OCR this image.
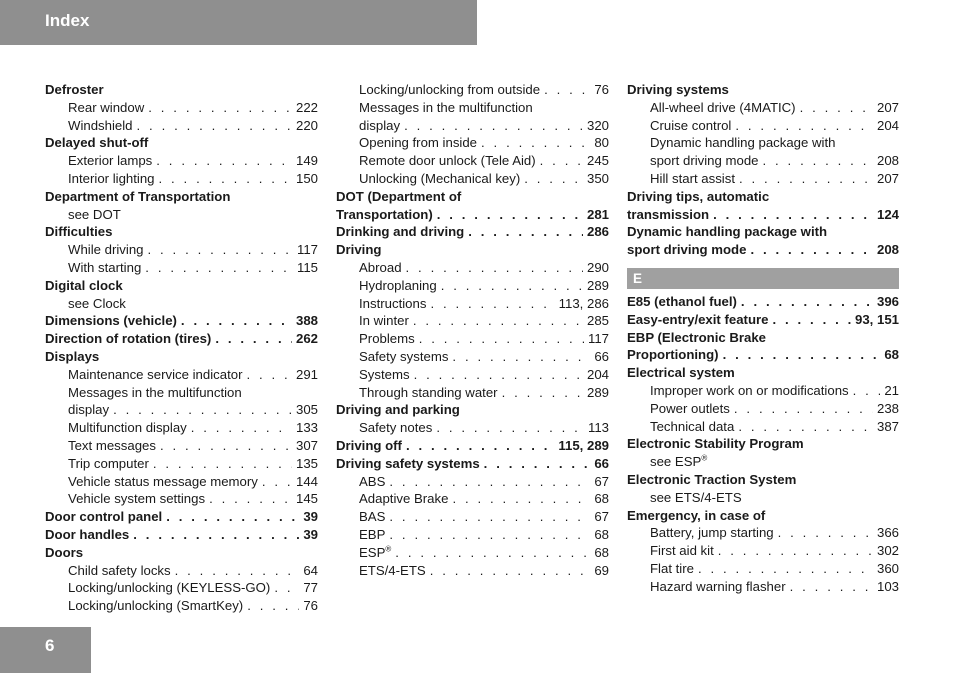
Index
Defroster
Rear window . . .	222
Windshield . . .	220
Delayed shut-off
Exterior lamps . . .	149
Interior lighting . . .	150
Department of Transportation
see DOT
Difficulties
While driving . . .	117
With starting . . .	115
Digital clock
see Clock
Dimensions (vehicle) . . .	388
Direction of rotation (tires) . . .	262
Displays
Maintenance service indicator . . .	291
Messages in the multifunction
display . . .	305
Multifunction display . . .	133
Text messages . . .	307
Trip computer . . .	135
Vehicle status message memory . . .	144
Vehicle system settings . . .	145
Door control panel . . .	39
Door handles . . .	39
Doors
Child safety locks . . .	64
Locking/unlocking (KEYLESS-GO) . . .	77
Locking/unlocking (SmartKey) . . .	76
Locking/unlocking from outside . . .	76
Messages in the multifunction
display . . .	320
Opening from inside . . .	80
Remote door unlock (Tele Aid) . . .	245
Unlocking (Mechanical key) . . .	350
DOT (Department of
Transportation) . . .	281
Drinking and driving . . .	286
Driving
Abroad . . .	290
Hydroplaning . . .	289
Instructions . . .	113, 286
In winter . . .	285
Problems . . .	117
Safety systems . . .	66
Systems . . .	204
Through standing water . . .	289
Driving and parking
Safety notes . . .	113
Driving off . . .	115, 289
Driving safety systems . . .	66
ABS . . .	67
Adaptive Brake . . .	68
BAS . . .	67
EBP . . .	68
ESP® . . .	68
ETS/4-ETS . . .	69
Driving systems
All-wheel drive (4MATIC) . . .	207
Cruise control . . .	204
Dynamic handling package with
sport driving mode . . .	208
Hill start assist . . .	207
Driving tips, automatic
transmission . . .	124
Dynamic handling package with
sport driving mode . . .	208
E
E85 (ethanol fuel) . . .	396
Easy-entry/exit feature . . .	93, 151
EBP (Electronic Brake
Proportioning) . . .	68
Electrical system
Improper work on or modifications . . .	21
Power outlets . . .	238
Technical data . . .	387
Electronic Stability Program
see ESP®
Electronic Traction System
see ETS/4-ETS
Emergency, in case of
Battery, jump starting . . .	366
First aid kit . . .	302
Flat tire . . .	360
Hazard warning flasher . . .	103
6
